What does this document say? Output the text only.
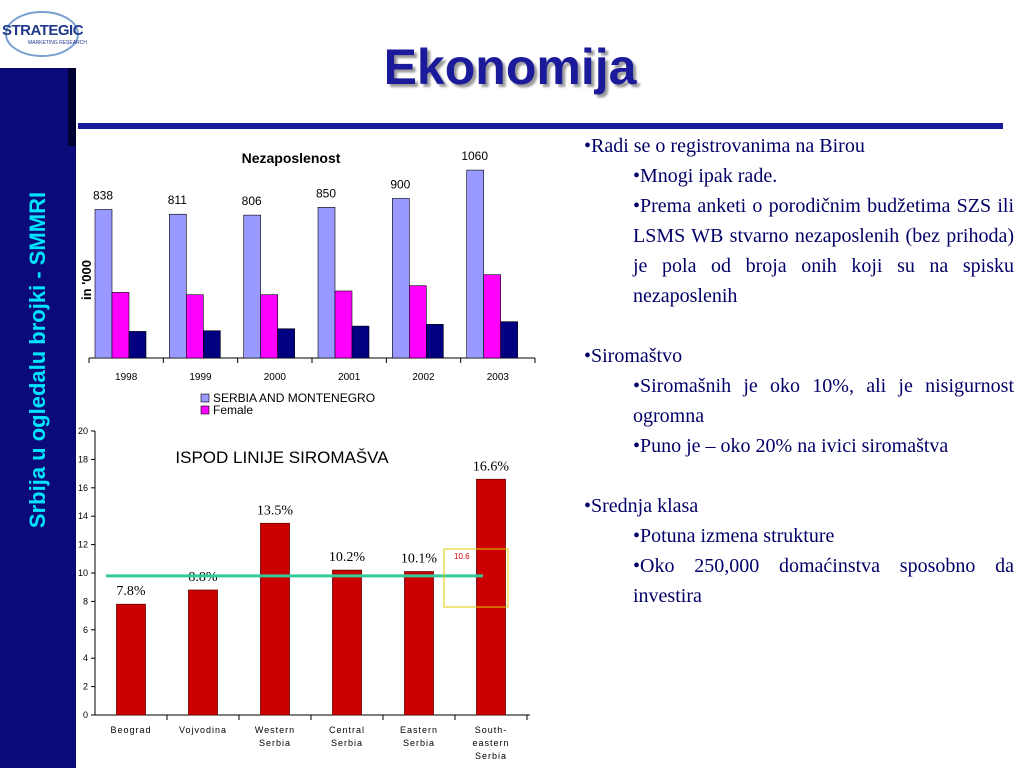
STRATEGIC
MARKETING RESEARCH	Ekonomija
Srbija u ogledalu brojki - SMMRI
Nezaposlenost
in '000
838
1998
811
1999
806
2000
850
2001
900
2002
1060
2003
SERBIA AND MONTENEGRO
Female
0
2
4
6
8
10
12
14
16
18
20
ISPOD LINIJE SIROMAŠVA
7.8%
Beograd
8.8%
Vojvodina
13.5%
Western
Serbia
10.2%
Central
Serbia
10.1%
Eastern
Serbia
16.6%
South-
eastern
Serbia
10.6
•Radi se o registrovanima na Birou
•Mnogi ipak rade.
•Prema anketi o porodičnim budžetima SZS ili LSMS WB stvarno nezaposlenih (bez prihoda) je pola od broja onih koji su na spisku nezaposlenih
•Siromaštvo
•Siromašnih je oko 10%, ali je nisigurnost ogromna
•Puno je – oko 20% na ivici siromaštva
•Srednja klasa
•Potuna izmena strukture
•Oko 250,000 domaćinstva sposobno da investira
